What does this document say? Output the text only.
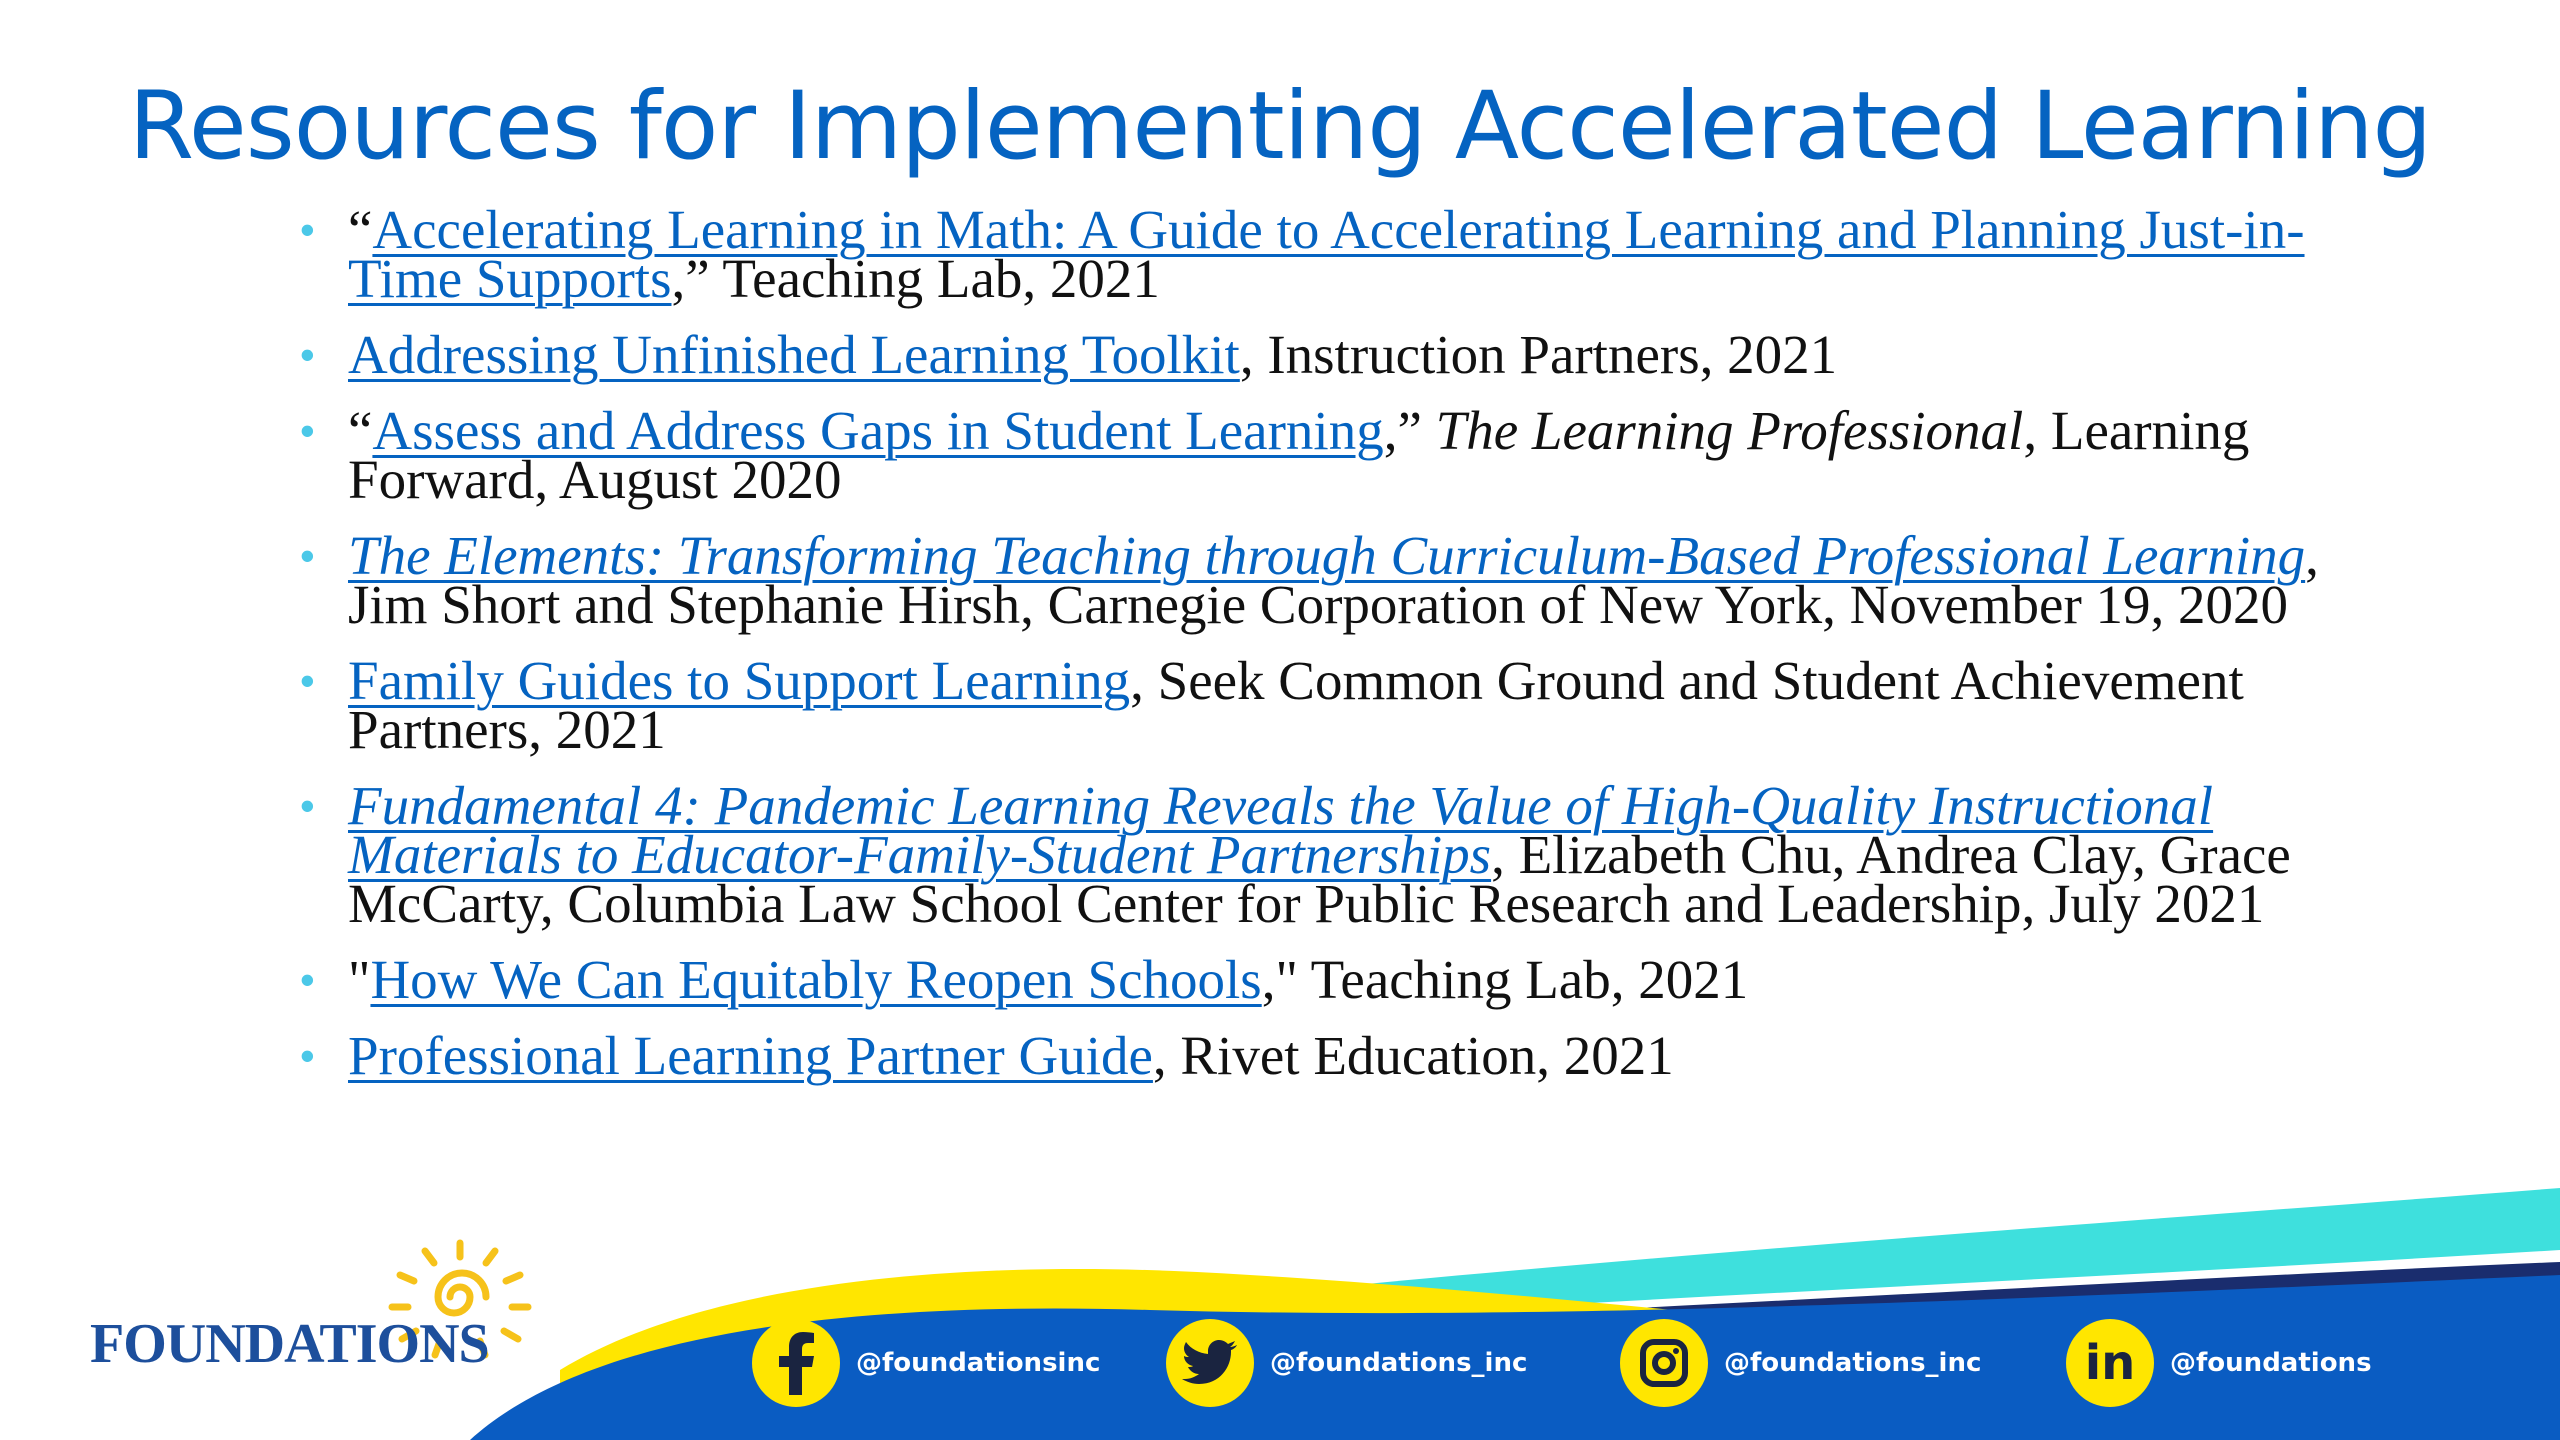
Resources for Implementing Accelerated Learning
• “Accelerating Learning in Math: A Guide to Accelerating Learning and Planning Just-in-Time Supports,” Teaching Lab, 2021
• Addressing Unfinished Learning Toolkit, Instruction Partners, 2021
• “Assess and Address Gaps in Student Learning,” The Learning Professional, Learning Forward, August 2020
• The Elements: Transforming Teaching through Curriculum-Based Professional Learning, Jim Short and Stephanie Hirsh, Carnegie Corporation of New York, November 19, 2020
• Family Guides to Support Learning, Seek Common Ground and Student Achievement Partners, 2021
• Fundamental 4: Pandemic Learning Reveals the Value of High-Quality Instructional Materials to Educator-Family-Student Partnerships, Elizabeth Chu, Andrea Clay, Grace McCarty, Columbia Law School Center for Public Research and Leadership, July 2021
• "How We Can Equitably Reopen Schools," Teaching Lab, 2021
• Professional Learning Partner Guide, Rivet Education, 2021
FOUNDATIONS	@foundationsinc	@foundations_inc	@foundations_inc in @foundations
